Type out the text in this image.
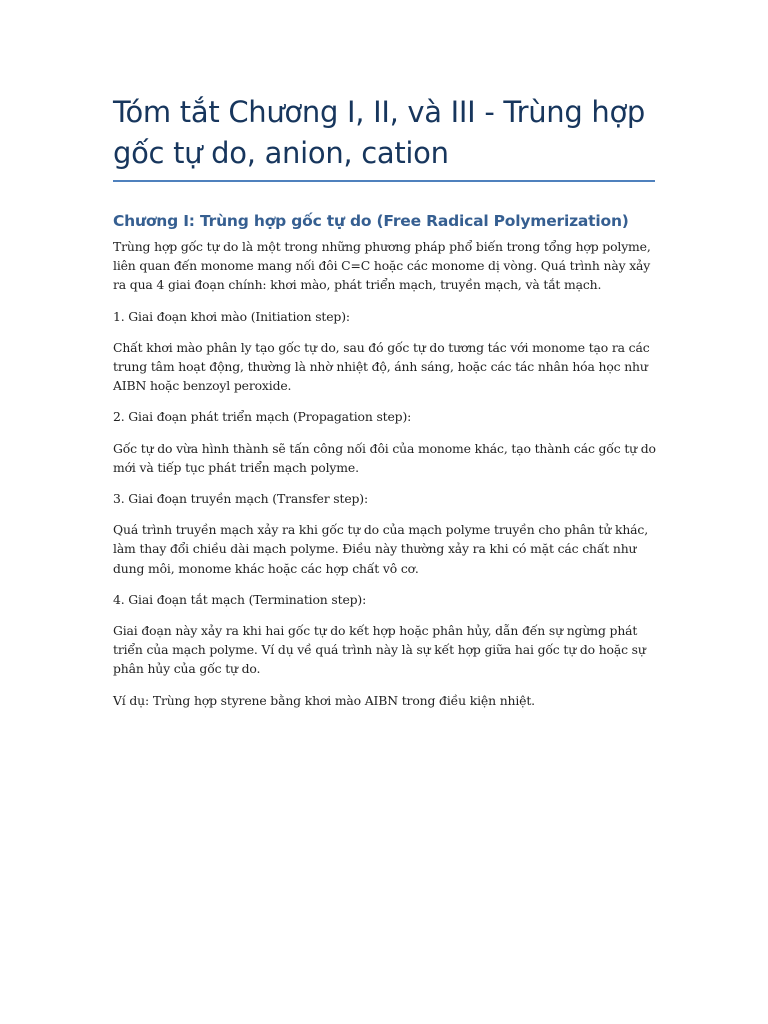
Tóm tắt Chương I, II, và III - Trùng hợp gốc tự do, anion, cation
Chương I: Trùng hợp gốc tự do (Free Radical Polymerization)

Trùng hợp gốc tự do là một trong những phương pháp phổ biến trong tổng hợp polyme, liên quan đến monome mang nối đôi C=C hoặc các monome dị vòng. Quá trình này xảy ra qua 4 giai đoạn chính: khơi mào, phát triển mạch, truyền mạch, và tắt mạch.

1. Giai đoạn khơi mào (Initiation step):

Chất khơi mào phân ly tạo gốc tự do, sau đó gốc tự do tương tác với monome tạo ra các trung tâm hoạt động, thường là nhờ nhiệt độ, ánh sáng, hoặc các tác nhân hóa học như AIBN hoặc benzoyl peroxide.

2. Giai đoạn phát triển mạch (Propagation step):

Gốc tự do vừa hình thành sẽ tấn công nối đôi của monome khác, tạo thành các gốc tự do mới và tiếp tục phát triển mạch polyme.

3. Giai đoạn truyền mạch (Transfer step):

Quá trình truyền mạch xảy ra khi gốc tự do của mạch polyme truyền cho phân tử khác, làm thay đổi chiều dài mạch polyme. Điều này thường xảy ra khi có mặt các chất như dung môi, monome khác hoặc các hợp chất vô cơ.

4. Giai đoạn tắt mạch (Termination step):

Giai đoạn này xảy ra khi hai gốc tự do kết hợp hoặc phân hủy, dẫn đến sự ngừng phát triển của mạch polyme. Ví dụ về quá trình này là sự kết hợp giữa hai gốc tự do hoặc sự phân hủy của gốc tự do.

Ví dụ: Trùng hợp styrene bằng khơi mào AIBN trong điều kiện nhiệt.
